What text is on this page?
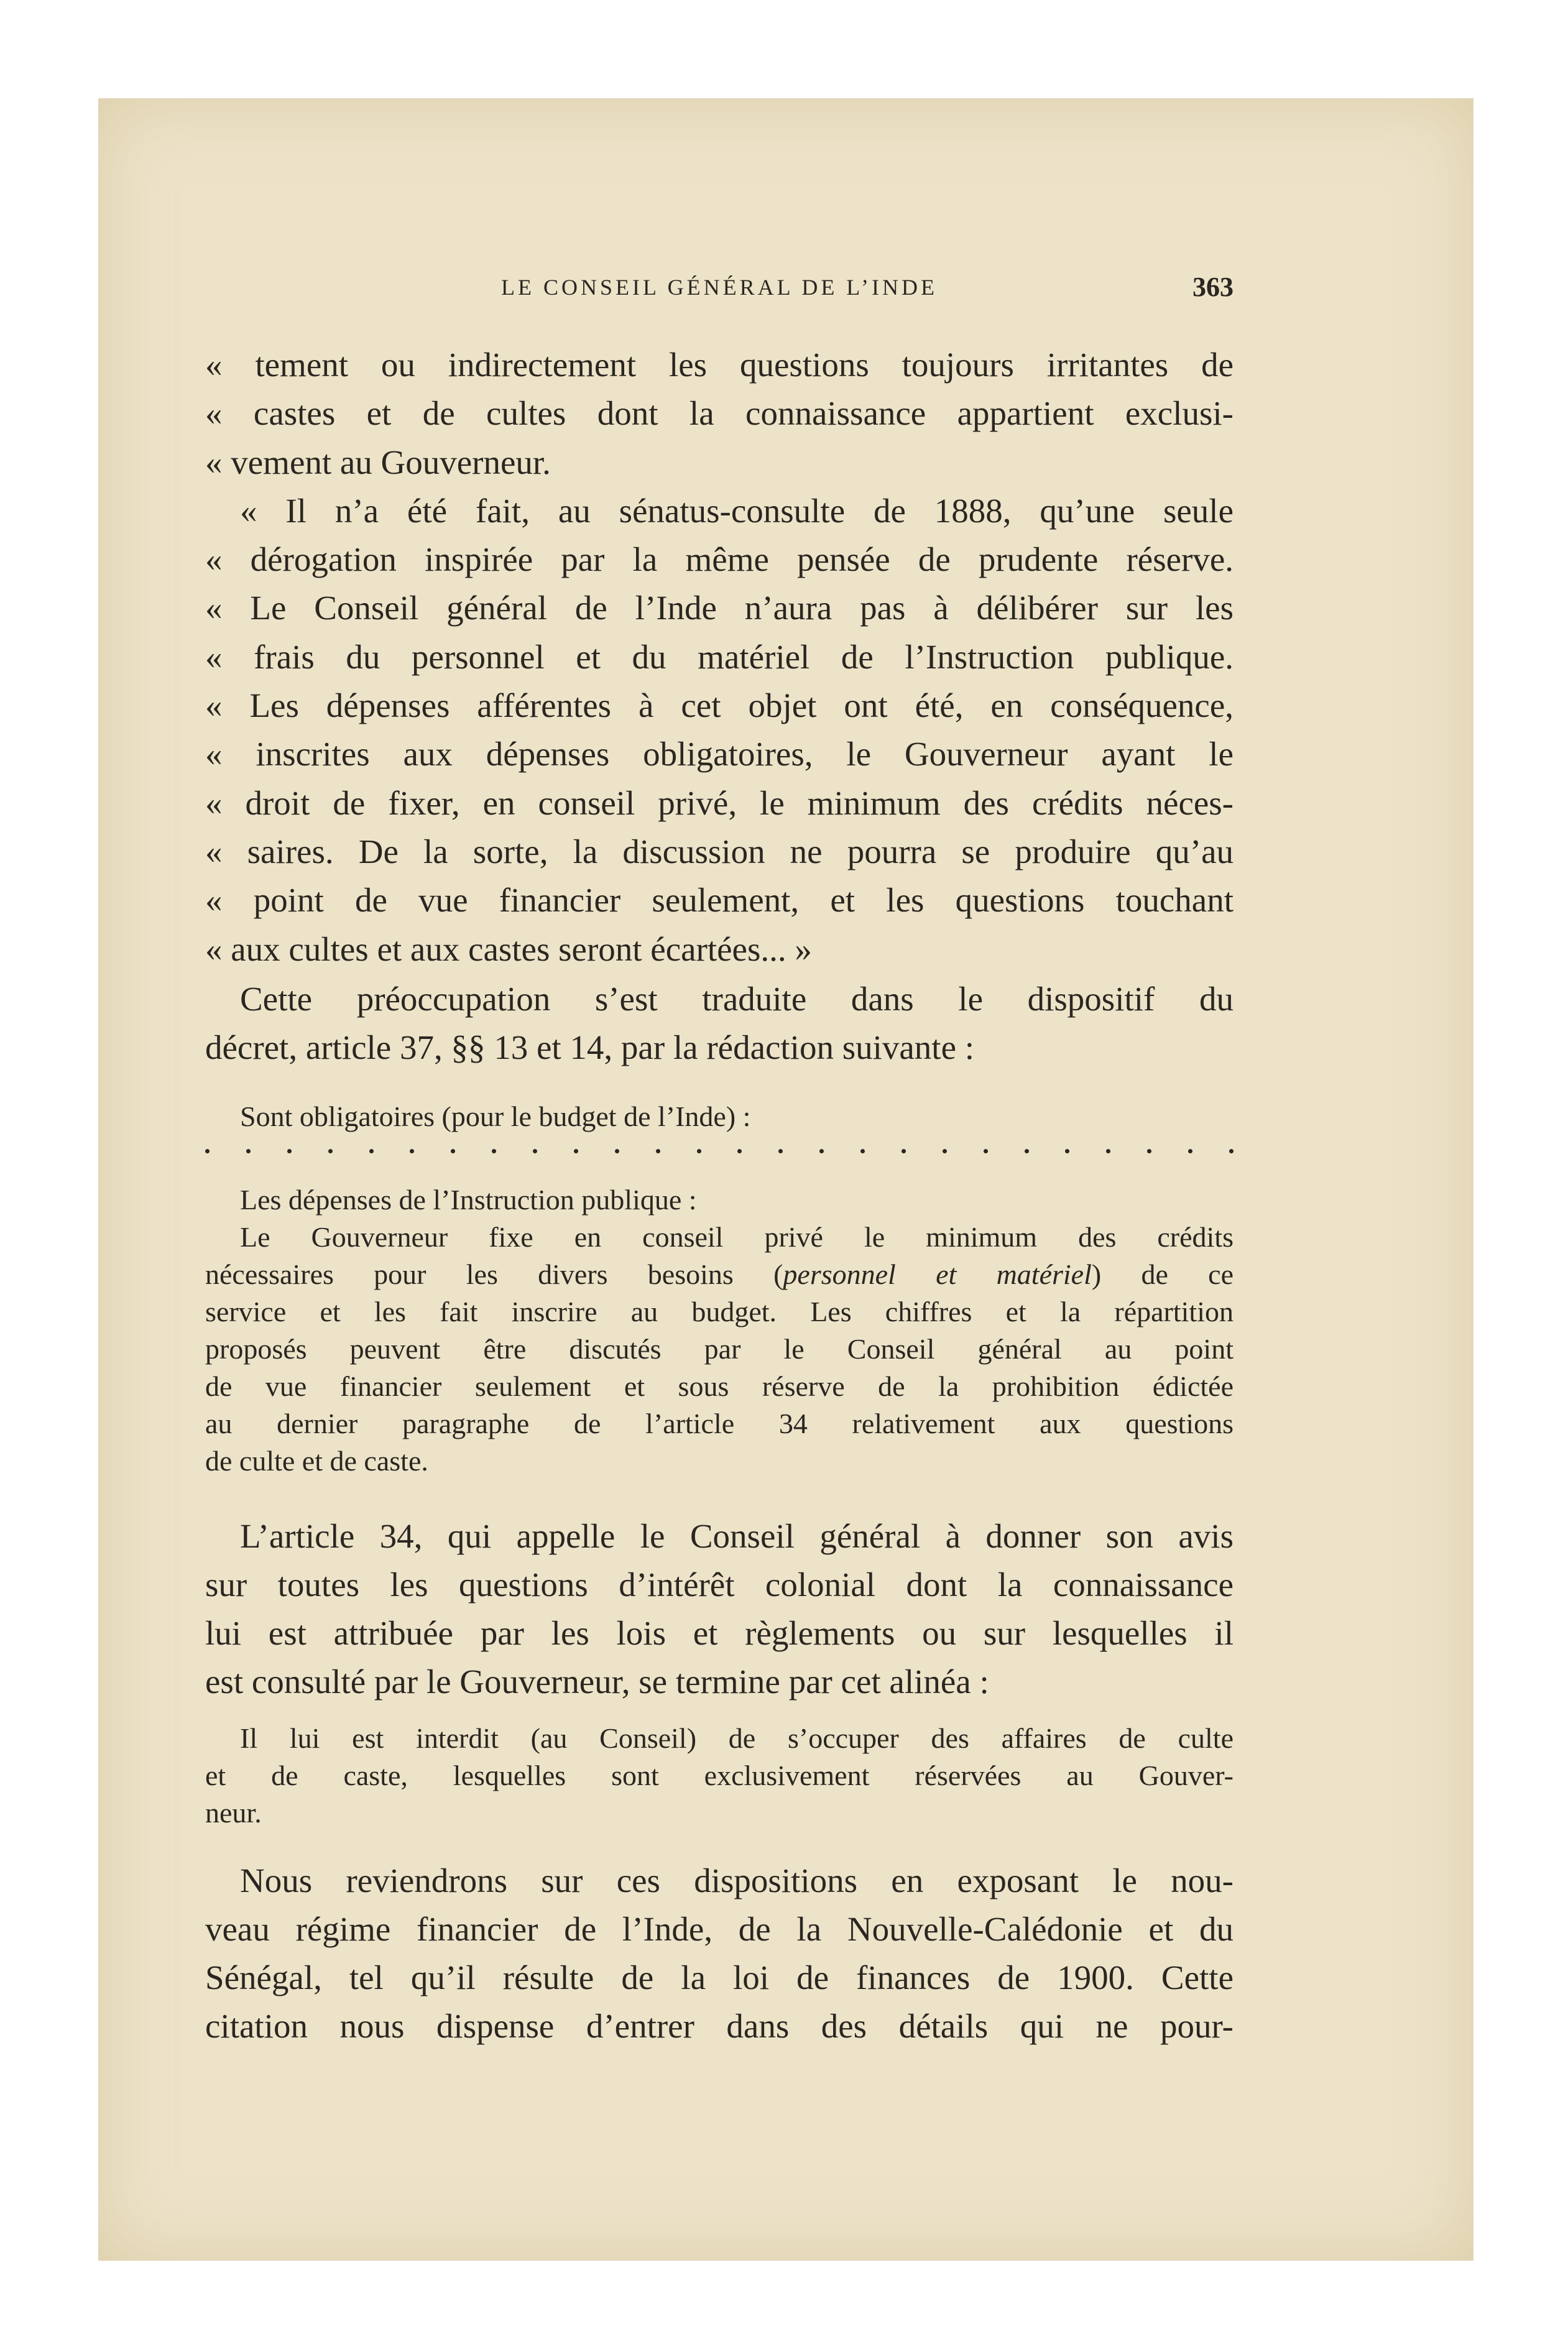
LE CONSEIL GÉNÉRAL DE L’INDE	363
« tement ou indirectement les questions toujours irritantes de
« castes et de cultes dont la connaissance appartient exclusi-
« vement au Gouverneur.
« Il n’a été fait, au sénatus-consulte de 1888, qu’une seule
« dérogation inspirée par la même pensée de prudente réserve.
« Le Conseil général de l’Inde n’aura pas à délibérer sur les
« frais du personnel et du matériel de l’Instruction publique.
« Les dépenses afférentes à cet objet ont été, en conséquence,
« inscrites aux dépenses obligatoires, le Gouverneur ayant le
« droit de fixer, en conseil privé, le minimum des crédits néces-
« saires. De la sorte, la discussion ne pourra se produire qu’au
« point de vue financier seulement, et les questions touchant
« aux cultes et aux castes seront écartées... »
Cette préoccupation s’est traduite dans le dispositif du
décret, article 37, §§ 13 et 14, par la rédaction suivante :
Sont obligatoires (pour le budget de l’Inde) :
Les dépenses de l’Instruction publique :
Le Gouverneur fixe en conseil privé le minimum des crédits
nécessaires pour les divers besoins (personnel et matériel) de ce
service et les fait inscrire au budget. Les chiffres et la répartition
proposés peuvent être discutés par le Conseil général au point
de vue financier seulement et sous réserve de la prohibition édictée
au dernier paragraphe de l’article 34 relativement aux questions
de culte et de caste.
L’article 34, qui appelle le Conseil général à donner son avis
sur toutes les questions d’intérêt colonial dont la connaissance
lui est attribuée par les lois et règlements ou sur lesquelles il
est consulté par le Gouverneur, se termine par cet alinéa :
Il lui est interdit (au Conseil) de s’occuper des affaires de culte
et de caste, lesquelles sont exclusivement réservées au Gouver-
neur.
Nous reviendrons sur ces dispositions en exposant le nou-
veau régime financier de l’Inde, de la Nouvelle-Calédonie et du
Sénégal, tel qu’il résulte de la loi de finances de 1900. Cette
citation nous dispense d’entrer dans des détails qui ne pour-
